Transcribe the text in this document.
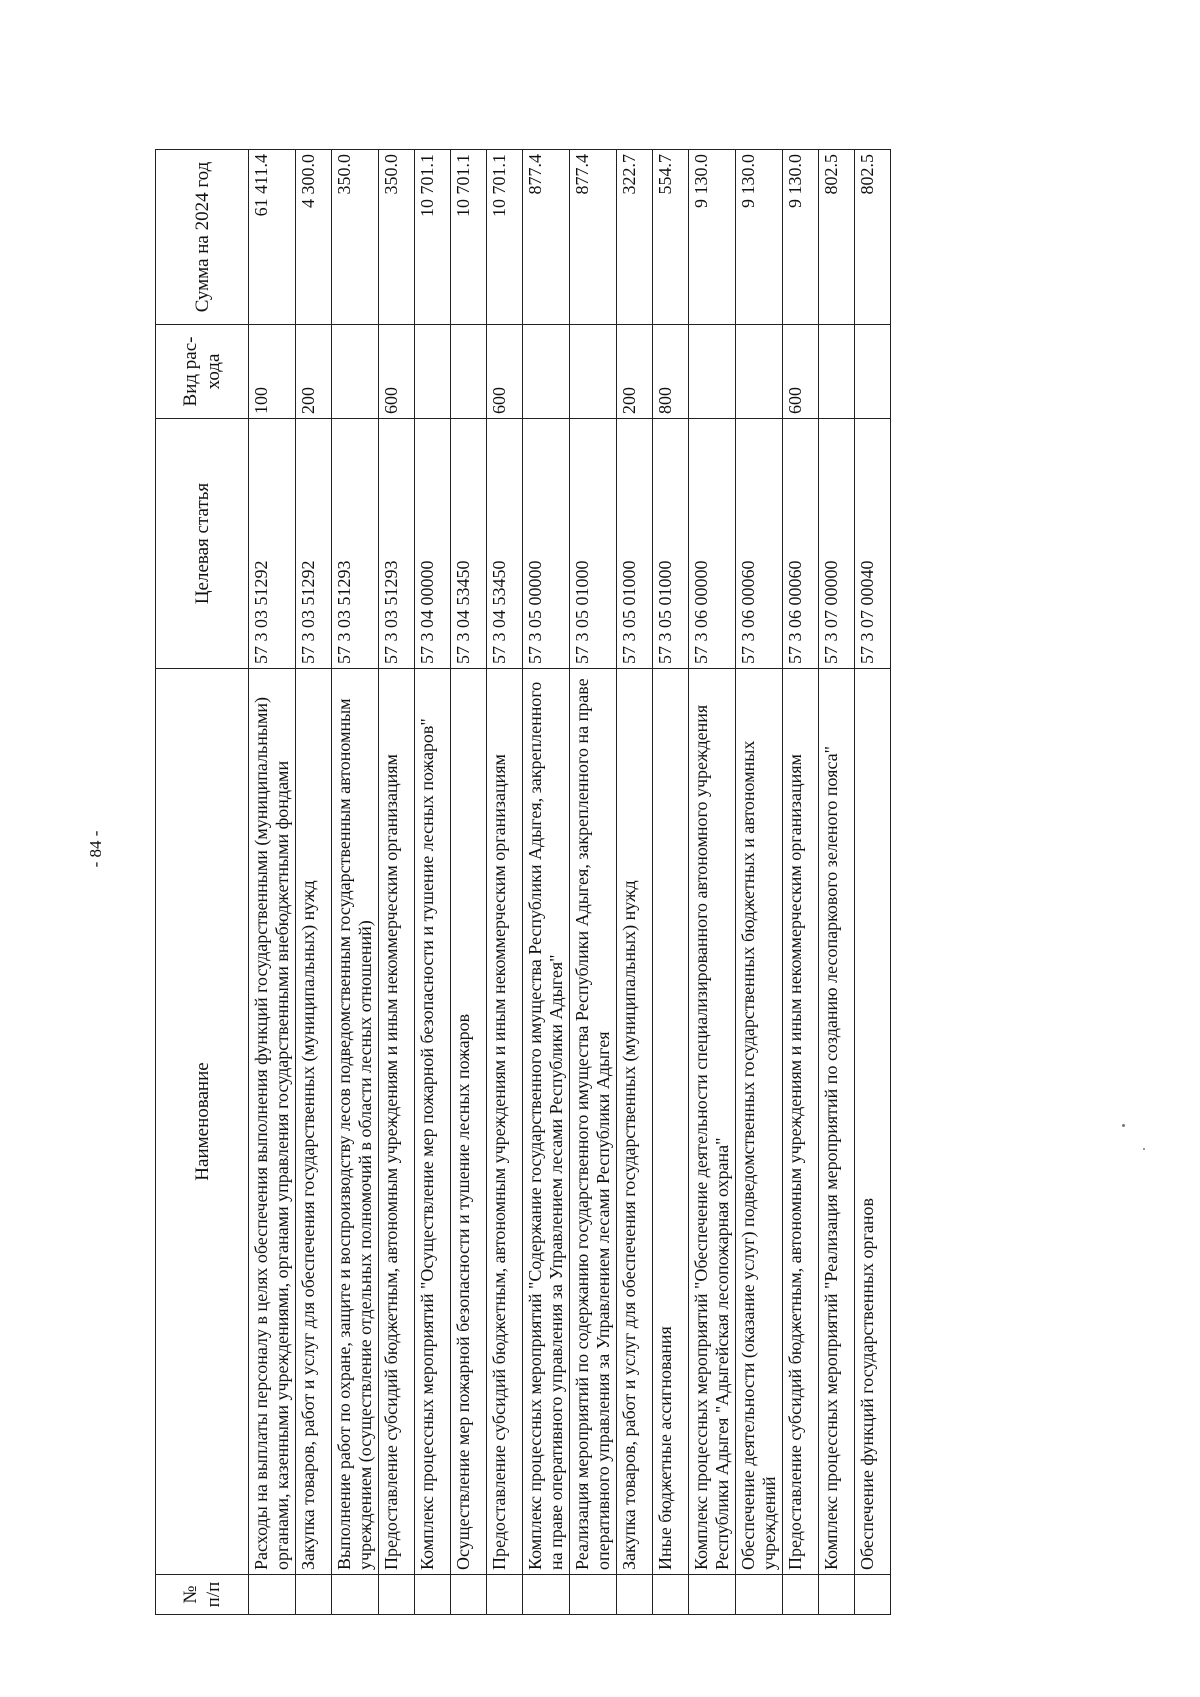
- 84 -
№ п/п	Наименование	Целевая статья	Вид рас-хода	Сумма на 2024 год
	Расходы на выплаты персоналу в целях обеспечения выполнения функций государственными (муниципальными) органами, казенными учреждениями, органами управления государственными внебюджетными фондами	57 3 03 51292	100	61 411.4
	Закупка товаров, работ и услуг для обеспечения государственных (муниципальных) нужд	57 3 03 51292	200	4 300.0
	Выполнение работ по охране, защите и воспроизводству лесов подведомственным государственным автономным учреждением (осуществление отдельных полномочий в области лесных отношений)	57 3 03 51293		350.0
	Предоставление субсидий бюджетным, автономным учреждениям и иным некоммерческим организациям	57 3 03 51293	600	350.0
	Комплекс процессных мероприятий "Осуществление мер пожарной безопасности и тушение лесных пожаров"	57 3 04 00000		10 701.1
	Осуществление мер пожарной безопасности и тушение лесных пожаров	57 3 04 53450		10 701.1
	Предоставление субсидий бюджетным, автономным учреждениям и иным некоммерческим организациям	57 3 04 53450	600	10 701.1
	Комплекс процессных мероприятий "Содержание государственного имущества Республики Адыгея, закрепленного на праве оперативного управления за Управлением лесами Республики Адыгея"	57 3 05 00000		877.4
	Реализация мероприятий по содержанию государственного имущества Республики Адыгея, закрепленного на праве оперативного управления за Управлением лесами Республики Адыгея	57 3 05 01000		877.4
	Закупка товаров, работ и услуг для обеспечения государственных (муниципальных) нужд	57 3 05 01000	200	322.7
	Иные бюджетные ассигнования	57 3 05 01000	800	554.7
	Комплекс процессных мероприятий "Обеспечение деятельности специализированного автономного учреждения Республики Адыгея "Адыгейская лесопожарная охрана"	57 3 06 00000		9 130.0
	Обеспечение деятельности (оказание услуг) подведомственных государственных бюджетных и автономных учреждений	57 3 06 00060		9 130.0
	Предоставление субсидий бюджетным, автономным учреждениям и иным некоммерческим организациям	57 3 06 00060	600	9 130.0
	Комплекс процессных мероприятий "Реализация мероприятий по созданию лесопаркового зеленого пояса"	57 3 07 00000		802.5
	Обеспечение функций государственных органов	57 3 07 00040		802.5
